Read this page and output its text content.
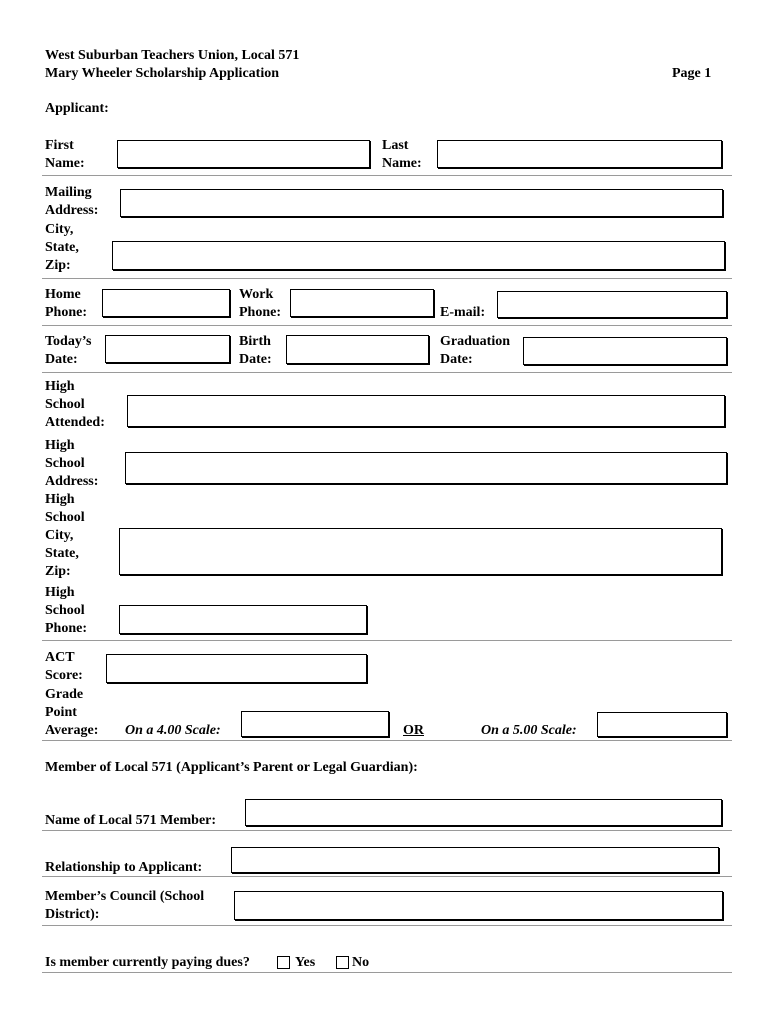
West Suburban Teachers Union, Local 571
Mary Wheeler Scholarship Application	Page 1
Applicant:
First
Name:
Last
Name:
Mailing
Address:
City,
State,
Zip:
Home
Phone:
Work
Phone:	E-mail:
Today’s
Date:
Birth
Date:
Graduation
Date:
High
School
Attended:
High
School
Address:
High
School
City,
State,
Zip:
High
School
Phone:
ACT
Score:
Grade
Point
Average: On a 4.00 Scale:	OR	On a 5.00 Scale:
Member of Local 571 (Applicant’s Parent or Legal Guardian):
Name of Local 571 Member:
Relationship to Applicant:
Member’s Council (School
District):
Is member currently paying dues?	Yes	No
